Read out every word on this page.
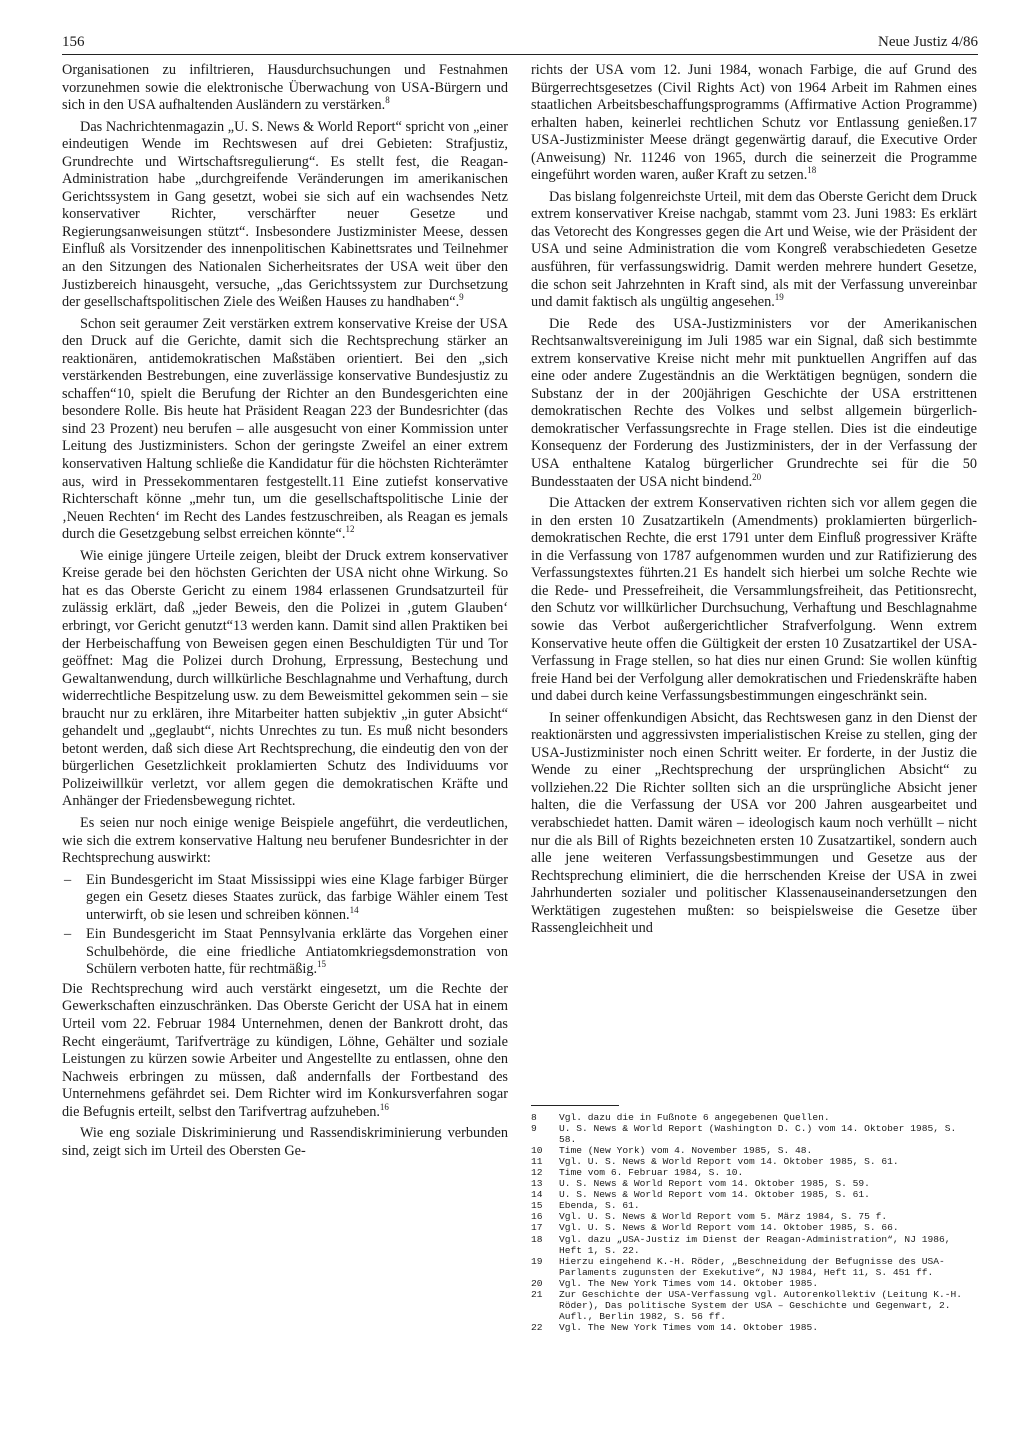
156	Neue Justiz 4/86

Organisationen zu infiltrieren, Hausdurchsuchungen und Festnahmen vorzunehmen sowie die elektronische Überwachung von USA-Bürgern und sich in den USA aufhaltenden Ausländern zu verstärken.$^8$

Das Nachrichtenmagazin „U. S. News & World Report“ spricht von „einer eindeutigen Wende im Rechtswesen auf drei Gebieten: Strafjustiz, Grundrechte und Wirtschaftsregulierung“. Es stellt fest, die Reagan-Administration habe „durchgreifende Veränderungen im amerikanischen Gerichtssystem in Gang gesetzt, wobei sie sich auf ein wachsendes Netz konservativer Richter, verschärfter neuer Gesetze und Regierungsanweisungen stützt“. Insbesondere Justizminister Meese, dessen Einfluß als Vorsitzender des innenpolitischen Kabinettsrates und Teilnehmer an den Sitzungen des Nationalen Sicherheitsrates der USA weit über den Justizbereich hinausgeht, versuche, „das Gerichtssystem zur Durchsetzung der gesellschaftspolitischen Ziele des Weißen Hauses zu handhaben“.$^9$

Schon seit geraumer Zeit verstärken extrem konservative Kreise der USA den Druck auf die Gerichte, damit sich die Rechtsprechung stärker an reaktionären, antidemokratischen Maßstäben orientiert. Bei den „sich verstärkenden Bestrebungen, eine zuverlässige konservative Bundesjustiz zu schaffen“10, spielt die Berufung der Richter an den Bundesgerichten eine besondere Rolle. Bis heute hat Präsident Reagan 223 der Bundesrichter (das sind 23 Prozent) neu berufen – alle ausgesucht von einer Kommission unter Leitung des Justizministers. Schon der geringste Zweifel an einer extrem konservativen Haltung schließe die Kandidatur für die höchsten Richterämter aus, wird in Pressekommentaren festgestellt.11 Eine zutiefst konservative Richterschaft könne „mehr tun, um die gesellschaftspolitische Linie der ‚Neuen Rechten‘ im Recht des Landes festzuschreiben, als Reagan es jemals durch die Gesetzgebung selbst erreichen könnte“.$^{12}$

Wie einige jüngere Urteile zeigen, bleibt der Druck extrem konservativer Kreise gerade bei den höchsten Gerichten der USA nicht ohne Wirkung. So hat es das Oberste Gericht zu einem 1984 erlassenen Grundsatzurteil für zulässig erklärt, daß „jeder Beweis, den die Polizei in ‚gutem Glauben‘ erbringt, vor Gericht genutzt“13 werden kann. Damit sind allen Praktiken bei der Herbeischaffung von Beweisen gegen einen Beschuldigten Tür und Tor geöffnet: Mag die Polizei durch Drohung, Erpressung, Bestechung und Gewaltanwendung, durch willkürliche Beschlagnahme und Verhaftung, durch widerrechtliche Bespitzelung usw. zu dem Beweismittel gekommen sein – sie braucht nur zu erklären, ihre Mitarbeiter hatten subjektiv „in guter Absicht“ gehandelt und „geglaubt“, nichts Unrechtes zu tun. Es muß nicht besonders betont werden, daß sich diese Art Rechtsprechung, die eindeutig den von der bürgerlichen Gesetzlichkeit proklamierten Schutz des Individuums vor Polizeiwillkür verletzt, vor allem gegen die demokratischen Kräfte und Anhänger der Friedensbewegung richtet.

Es seien nur noch einige wenige Beispiele angeführt, die verdeutlichen, wie sich die extrem konservative Haltung neu berufener Bundesrichter in der Rechtsprechung auswirkt:

– Ein Bundesgericht im Staat Mississippi wies eine Klage farbiger Bürger gegen ein Gesetz dieses Staates zurück, das farbige Wähler einem Test unterwirft, ob sie lesen und schreiben können.$^{14}$
– Ein Bundesgericht im Staat Pennsylvania erklärte das Vorgehen einer Schulbehörde, die eine friedliche Antiatomkriegsdemonstration von Schülern verboten hatte, für rechtmäßig.$^{15}$

Die Rechtsprechung wird auch verstärkt eingesetzt, um die Rechte der Gewerkschaften einzuschränken. Das Oberste Gericht der USA hat in einem Urteil vom 22. Februar 1984 Unternehmen, denen der Bankrott droht, das Recht eingeräumt, Tarifverträge zu kündigen, Löhne, Gehälter und soziale Leistungen zu kürzen sowie Arbeiter und Angestellte zu entlassen, ohne den Nachweis erbringen zu müssen, daß andernfalls der Fortbestand des Unternehmens gefährdet sei. Dem Richter wird im Konkursverfahren sogar die Befugnis erteilt, selbst den Tarifvertrag aufzuheben.$^{16}$

Wie eng soziale Diskriminierung und Rassendiskriminierung verbunden sind, zeigt sich im Urteil des Obersten Ge-

richts der USA vom 12. Juni 1984, wonach Farbige, die auf Grund des Bürgerrechtsgesetzes (Civil Rights Act) von 1964 Arbeit im Rahmen eines staatlichen Arbeitsbeschaffungsprogramms (Affirmative Action Programme) erhalten haben, keinerlei rechtlichen Schutz vor Entlassung genießen.17 USA-Justizminister Meese drängt gegenwärtig darauf, die Executive Order (Anweisung) Nr. 11246 von 1965, durch die seinerzeit die Programme eingeführt worden waren, außer Kraft zu setzen.$^{18}$

Das bislang folgenreichste Urteil, mit dem das Oberste Gericht dem Druck extrem konservativer Kreise nachgab, stammt vom 23. Juni 1983: Es erklärt das Vetorecht des Kongresses gegen die Art und Weise, wie der Präsident der USA und seine Administration die vom Kongreß verabschiedeten Gesetze ausführen, für verfassungswidrig. Damit werden mehrere hundert Gesetze, die schon seit Jahrzehnten in Kraft sind, als mit der Verfassung unvereinbar und damit faktisch als ungültig angesehen.$^{19}$

Die Rede des USA-Justizministers vor der Amerikanischen Rechtsanwaltsvereinigung im Juli 1985 war ein Signal, daß sich bestimmte extrem konservative Kreise nicht mehr mit punktuellen Angriffen auf das eine oder andere Zugeständnis an die Werktätigen begnügen, sondern die Substanz der in der 200jährigen Geschichte der USA erstrittenen demokratischen Rechte des Volkes und selbst allgemein bürgerlich-demokratischer Verfassungsrechte in Frage stellen. Dies ist die eindeutige Konsequenz der Forderung des Justizministers, der in der Verfassung der USA enthaltene Katalog bürgerlicher Grundrechte sei für die 50 Bundesstaaten der USA nicht bindend.$^{20}$

Die Attacken der extrem Konservativen richten sich vor allem gegen die in den ersten 10 Zusatzartikeln (Amendments) proklamierten bürgerlich-demokratischen Rechte, die erst 1791 unter dem Einfluß progressiver Kräfte in die Verfassung von 1787 aufgenommen wurden und zur Ratifizierung des Verfassungstextes führten.21 Es handelt sich hierbei um solche Rechte wie die Rede- und Pressefreiheit, die Versammlungsfreiheit, das Petitionsrecht, den Schutz vor willkürlicher Durchsuchung, Verhaftung und Beschlagnahme sowie das Verbot außergerichtlicher Strafverfolgung. Wenn extrem Konservative heute offen die Gültigkeit der ersten 10 Zusatzartikel der USA-Verfassung in Frage stellen, so hat dies nur einen Grund: Sie wollen künftig freie Hand bei der Verfolgung aller demokratischen und Friedenskräfte haben und dabei durch keine Verfassungsbestimmungen eingeschränkt sein.

In seiner offenkundigen Absicht, das Rechtswesen ganz in den Dienst der reaktionärsten und aggressivsten imperialistischen Kreise zu stellen, ging der USA-Justizminister noch einen Schritt weiter. Er forderte, in der Justiz die Wende zu einer „Rechtsprechung der ursprünglichen Absicht“ zu vollziehen.22 Die Richter sollten sich an die ursprüngliche Absicht jener halten, die die Verfassung der USA vor 200 Jahren ausgearbeitet und verabschiedet hatten. Damit wären – ideologisch kaum noch verhüllt – nicht nur die als Bill of Rights bezeichneten ersten 10 Zusatzartikel, sondern auch alle jene weiteren Verfassungsbestimmungen und Gesetze aus der Rechtsprechung eliminiert, die die herrschenden Kreise der USA in zwei Jahrhunderten sozialer und politischer Klassenauseinandersetzungen den Werktätigen zugestehen mußten: so beispielsweise die Gesetze über Rassengleichheit und

8	Vgl. dazu die in Fußnote 6 angegebenen Quellen.
9	U. S. News & World Report (Washington D. C.) vom 14. Oktober 1985, S. 58.
10	Time (New York) vom 4. November 1985, S. 48.
11	Vgl. U. S. News & World Report vom 14. Oktober 1985, S. 61.
12	Time vom 6. Februar 1984, S. 10.
13	U. S. News & World Report vom 14. Oktober 1985, S. 59.
14	U. S. News & World Report vom 14. Oktober 1985, S. 61.
15	Ebenda, S. 61.
16	Vgl. U. S. News & World Report vom 5. März 1984, S. 75 f.
17	Vgl. U. S. News & World Report vom 14. Oktober 1985, S. 66.
18	Vgl. dazu „USA-Justiz im Dienst der Reagan-Administration“, NJ 1986, Heft 1, S. 22.
19	Hierzu eingehend K.-H. Röder, „Beschneidung der Befugnisse des USA-Parlaments zugunsten der Exekutive“, NJ 1984, Heft 11, S. 451 ff.
20	Vgl. The New York Times vom 14. Oktober 1985.
21	Zur Geschichte der USA-Verfassung vgl. Autorenkollektiv (Leitung K.-H. Röder), Das politische System der USA – Geschichte und Gegenwart, 2. Aufl., Berlin 1982, S. 56 ff.
22	Vgl. The New York Times vom 14. Oktober 1985.
